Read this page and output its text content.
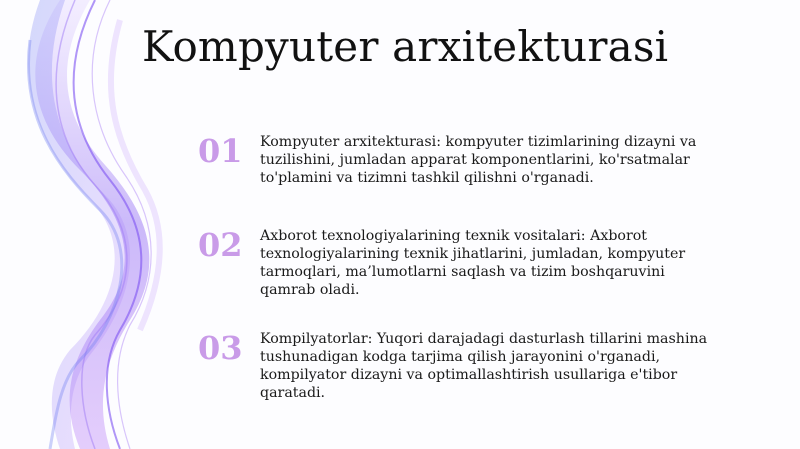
Kompyuter arxitekturasi
01	Kompyuter arxitekturasi: kompyuter tizimlarining dizayni va tuzilishini, jumladan apparat komponentlarini, ko'rsatmalar to'plamini va tizimni tashkil qilishni o'rganadi.
02	Axborot texnologiyalarining texnik vositalari: Axborot texnologiyalarining texnik jihatlarini, jumladan, kompyuter tarmoqlari, ma’lumotlarni saqlash va tizim boshqaruvini qamrab oladi.
03	Kompilyatorlar: Yuqori darajadagi dasturlash tillarini mashina tushunadigan kodga tarjima qilish jarayonini o'rganadi, kompilyator dizayni va optimallashtirish usullariga e'tibor qaratadi.
